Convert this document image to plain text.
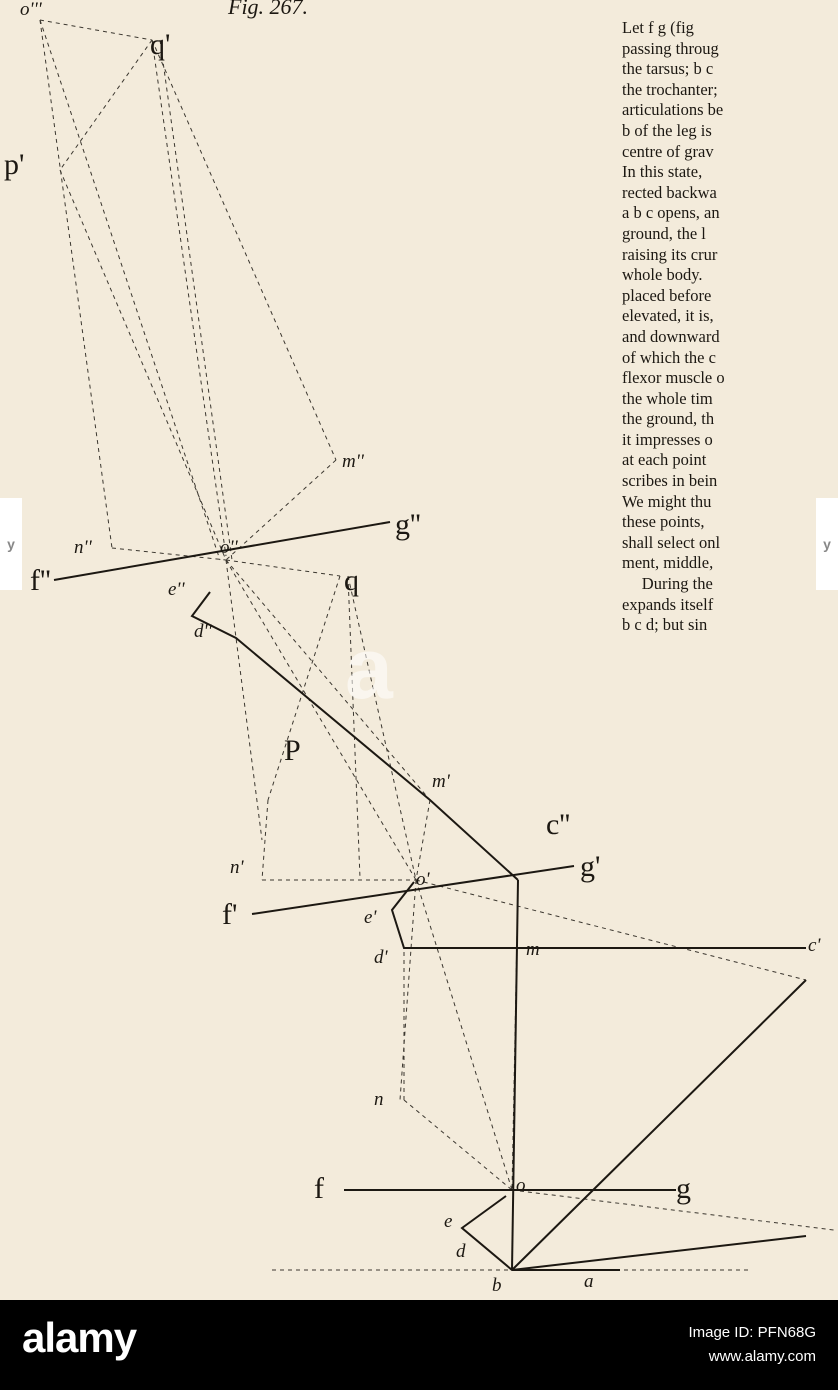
Fig. 267.
o'''
q'
p'
m''
o''
g''
n''
f''	q
e''
d''
P
m'
c''
g'
n'
o'
f'	e'
m	c'
d'
n
f	o	g
e
d
b	a
Let f g (fig
passing throug
the tarsus; b c
the trochanter;
articulations be
b of the leg is
centre of grav
In this state,
rected backwa
a b c opens, an
ground, the l
raising its crur
whole body.
placed before
elevated, it is,
and downward
of which the c
flexor muscle o
the whole tim
the ground, th
it impresses o
at each point
scribes in bein
We might thu
these points,
shall select onl
ment, middle,
During the
expands itself
b c d; but sin
a
y	y
alamy	Image ID: PFN68G
www.alamy.com
